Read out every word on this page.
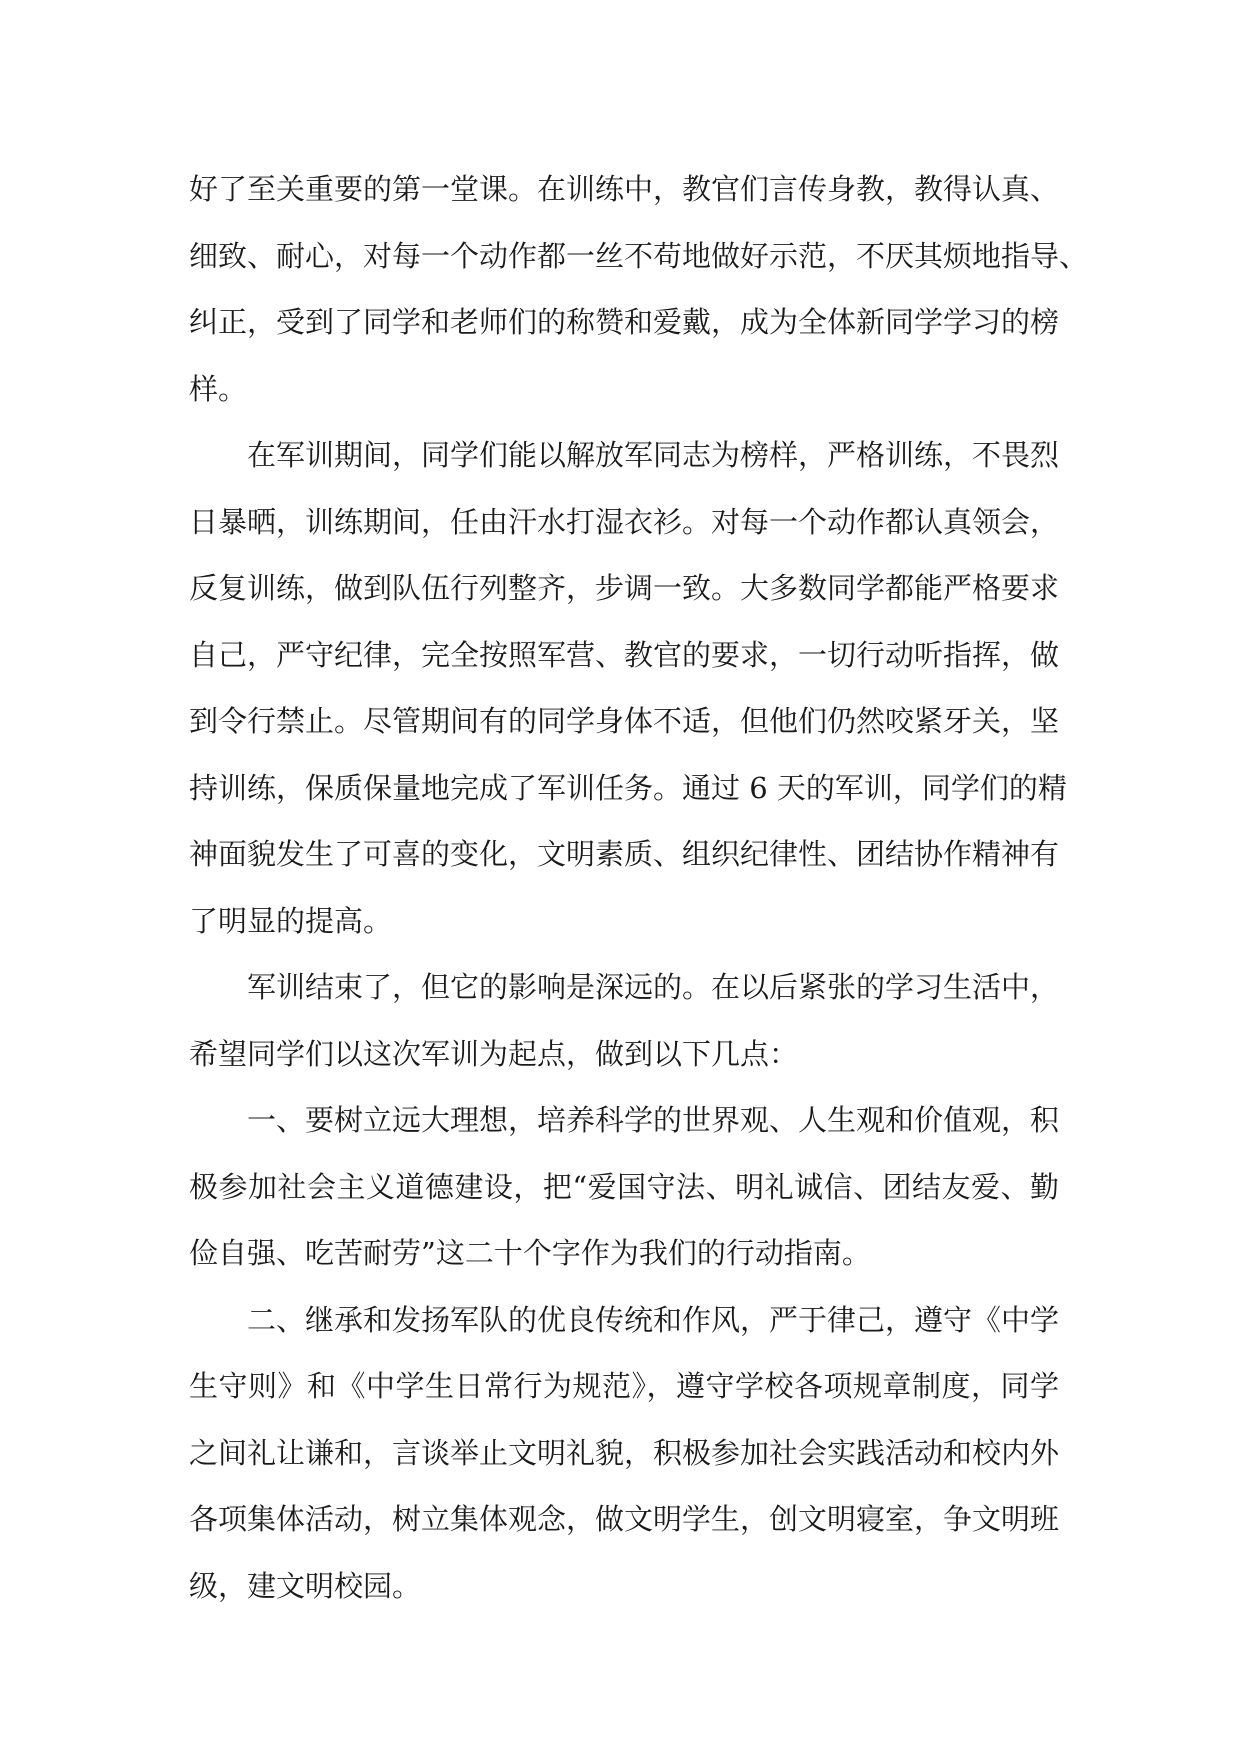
好了至关重要的第一堂课。在训练中，教官们言传身教，教得认真、
细致、耐心，对每一个动作都一丝不苟地做好示范，不厌其烦地指导、
纠正，受到了同学和老师们的称赞和爱戴，成为全体新同学学习的榜
样。
在军训期间，同学们能以解放军同志为榜样，严格训练，不畏烈
日暴晒，训练期间，任由汗水打湿衣衫。对每一个动作都认真领会，
反复训练，做到队伍行列整齐，步调一致。大多数同学都能严格要求
自己，严守纪律，完全按照军营、教官的要求，一切行动听指挥，做
到令行禁止。尽管期间有的同学身体不适，但他们仍然咬紧牙关，坚
持训练，保质保量地完成了军训任务。通过 6 天的军训，同学们的精
神面貌发生了可喜的变化，文明素质、组织纪律性、团结协作精神有
了明显的提高。
军训结束了，但它的影响是深远的。在以后紧张的学习生活中，
希望同学们以这次军训为起点，做到以下几点：
一、要树立远大理想，培养科学的世界观、人生观和价值观，积
极参加社会主义道德建设，把“爱国守法、明礼诚信、团结友爱、勤
俭自强、吃苦耐劳”这二十个字作为我们的行动指南。
二、继承和发扬军队的优良传统和作风，严于律己，遵守《中学
生守则》和《中学生日常行为规范》，遵守学校各项规章制度，同学
之间礼让谦和，言谈举止文明礼貌，积极参加社会实践活动和校内外
各项集体活动，树立集体观念，做文明学生，创文明寝室，争文明班
级，建文明校园。
